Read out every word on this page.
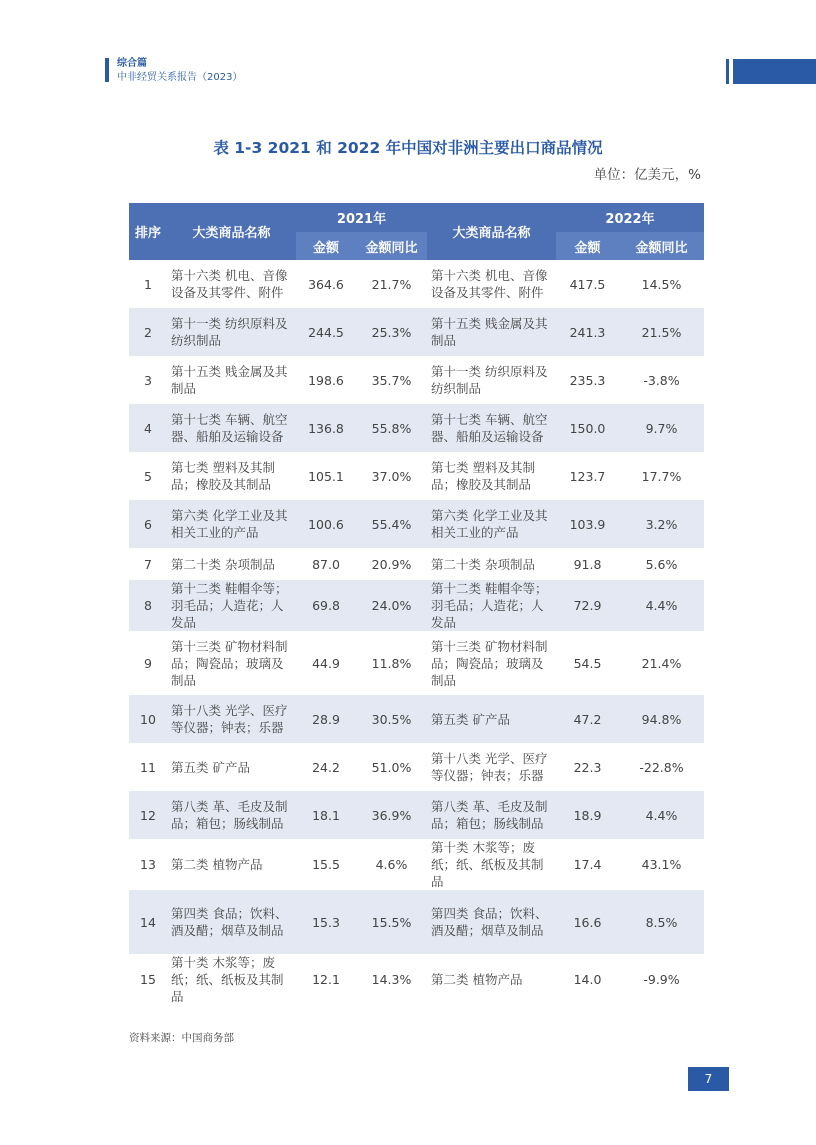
综合篇
中非经贸关系报告（2023）
表 1-3 2021 和 2022 年中国对非洲主要出口商品情况
单位：亿美元，%
排序	大类商品名称	2021年		大类商品名称	2022年	
		金额	金额同比		金额	金额同比
1	第十六类 机电、音像设备及其零件、附件	364.6	21.7%	第十六类 机电、音像设备及其零件、附件	417.5	14.5%
2	第十一类 纺织原料及纺织制品	244.5	25.3%	第十五类 贱金属及其制品	241.3	21.5%
3	第十五类 贱金属及其制品	198.6	35.7%	第十一类 纺织原料及纺织制品	235.3	-3.8%
4	第十七类 车辆、航空器、船舶及运输设备	136.8	55.8%	第十七类 车辆、航空器、船舶及运输设备	150.0	9.7%
5	第七类 塑料及其制品；橡胶及其制品	105.1	37.0%	第七类 塑料及其制品；橡胶及其制品	123.7	17.7%
6	第六类 化学工业及其相关工业的产品	100.6	55.4%	第六类 化学工业及其相关工业的产品	103.9	3.2%
7	第二十类 杂项制品	87.0	20.9%	第二十类 杂项制品	91.8	5.6%
8	第十二类 鞋帽伞等；羽毛品；人造花；人发品	69.8	24.0%	第十二类 鞋帽伞等；羽毛品；人造花；人发品	72.9	4.4%
9	第十三类 矿物材料制品；陶瓷品；玻璃及制品	44.9	11.8%	第十三类 矿物材料制品；陶瓷品；玻璃及制品	54.5	21.4%
10	第十八类 光学、医疗等仪器；钟表；乐器	28.9	30.5%	第五类 矿产品	47.2	94.8%
11	第五类 矿产品	24.2	51.0%	第十八类 光学、医疗等仪器；钟表；乐器	22.3	-22.8%
12	第八类 革、毛皮及制品；箱包；肠线制品	18.1	36.9%	第八类 革、毛皮及制品；箱包；肠线制品	18.9	4.4%
13	第二类 植物产品	15.5	4.6%	第十类 木浆等；废纸；纸、纸板及其制品	17.4	43.1%
14	第四类 食品；饮料、酒及醋；烟草及制品	15.3	15.5%	第四类 食品；饮料、酒及醋；烟草及制品	16.6	8.5%
15	第十类 木浆等；废纸；纸、纸板及其制品	12.1	14.3%	第二类 植物产品	14.0	-9.9%
资料来源：中国商务部
7
